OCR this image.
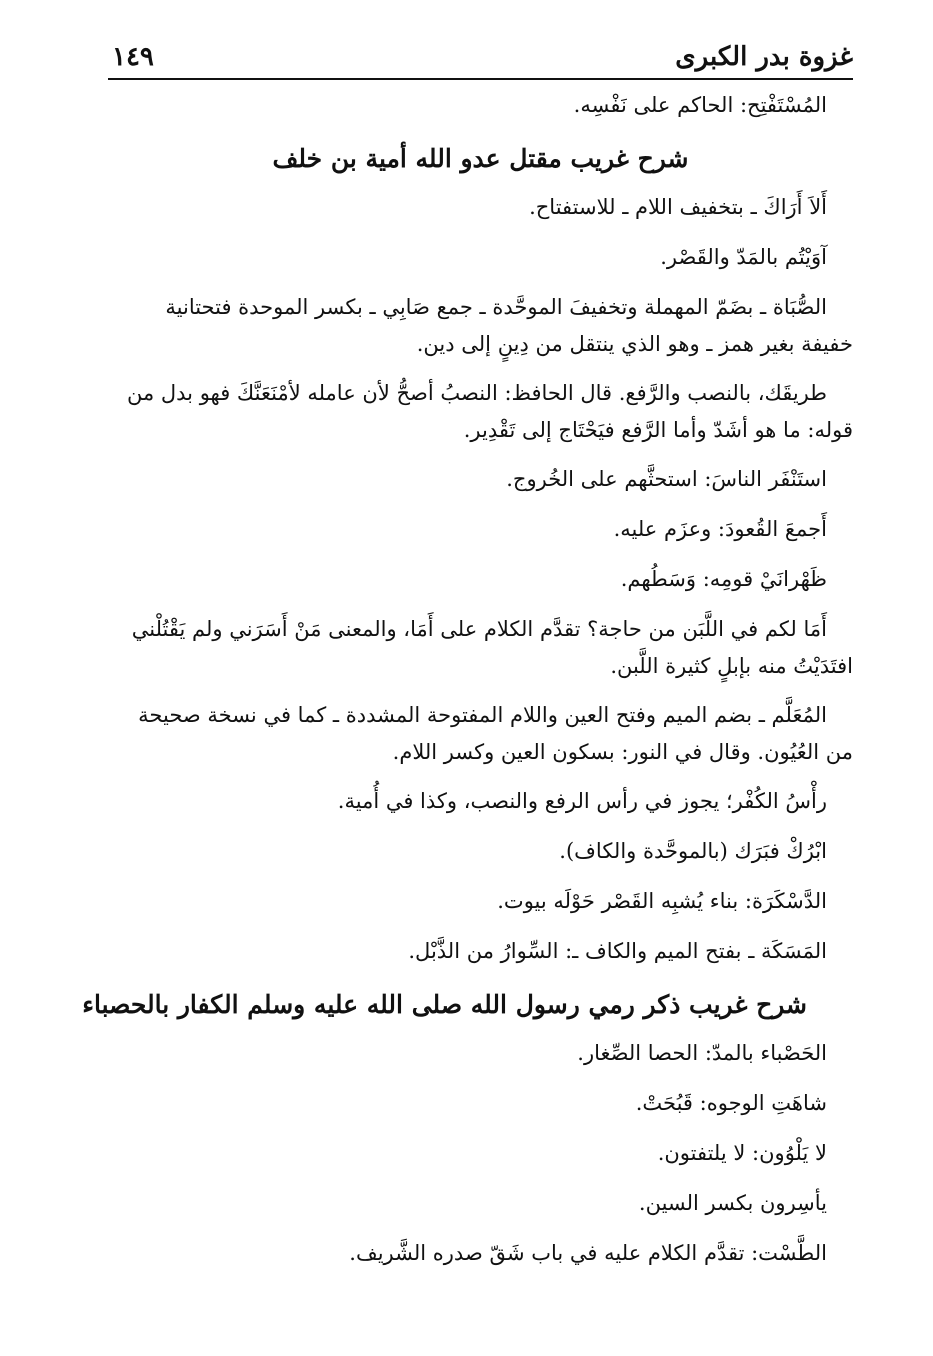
غزوة بدر الكبرى
١٤٩
المُسْتَفْتِح: الحاكم على نَفْسِه.
شرح غريب مقتل عدو الله أمية بن خلف
أَلاَ أَرَاكَ ـ بتخفيف اللام ـ للاستفتاح.
آوَيْتُم بالمَدّ والقَصْر.
الصُّبَاة ـ بضَمّ المهملة وتخفيفَ الموحَّدة ـ جمع صَابِي ـ بكسر الموحدة فتحتانية
خفيفة بغير همز ـ وهو الذي ينتقل من دِينٍ إلى دين.
طريقَك، بالنصب والرَّفع. قال الحافظ: النصبُ أصحُّ لأن عامله لأمْنَعَنَّكَ فهو بدل من
قوله: ما هو أشَدّ وأما الرَّفع فيَحْتَاج إلى تَقْدِير.
استَنْفَر الناسَ: استحثَّهم على الخُروج.
أَجمعَ القُعودَ: وعزَم عليه.
ظَهْرانَيْ قومِه: وَسَطُهم.
أَمَا لكم في اللَّبَن من حاجة؟ تقدَّم الكلام على أَمَا، والمعنى مَنْ أَسَرَني ولم يَقْتُلْني
افتَدَيْتُ منه بإبلٍ كثيرة اللَّبن.
المُعَلَّم ـ بضم الميم وفتح العين واللام المفتوحة المشددة ـ كما في نسخة صحيحة
من العُيُون. وقال في النور: بسكون العين وكسر اللام.
رأْسُ الكُفْر؛ يجوز في رأس الرفع والنصب، وكذا في أُمية.
ابْرُكْ فبَرَك (بالموحَّدة والكاف).
الدَّسْكَرَة: بناء يُشبِه القَصْر حَوْلَه بيوت.
المَسَكَة ـ بفتح الميم والكاف ـ: السِّوارُ من الذَّبْل.
شرح غريب ذكر رمي رسول الله صلى الله عليه وسلم الكفار بالحصباء
الحَصْباء بالمدّ: الحصا الصِّغار.
شاهَتِ الوجوه: قَبُحَتْ.
لا يَلْوُون: لا يلتفتون.
يأسِرون بكسر السين.
الطَّسْت: تقدَّم الكلام عليه في باب شَقّ صدره الشَّريف.
